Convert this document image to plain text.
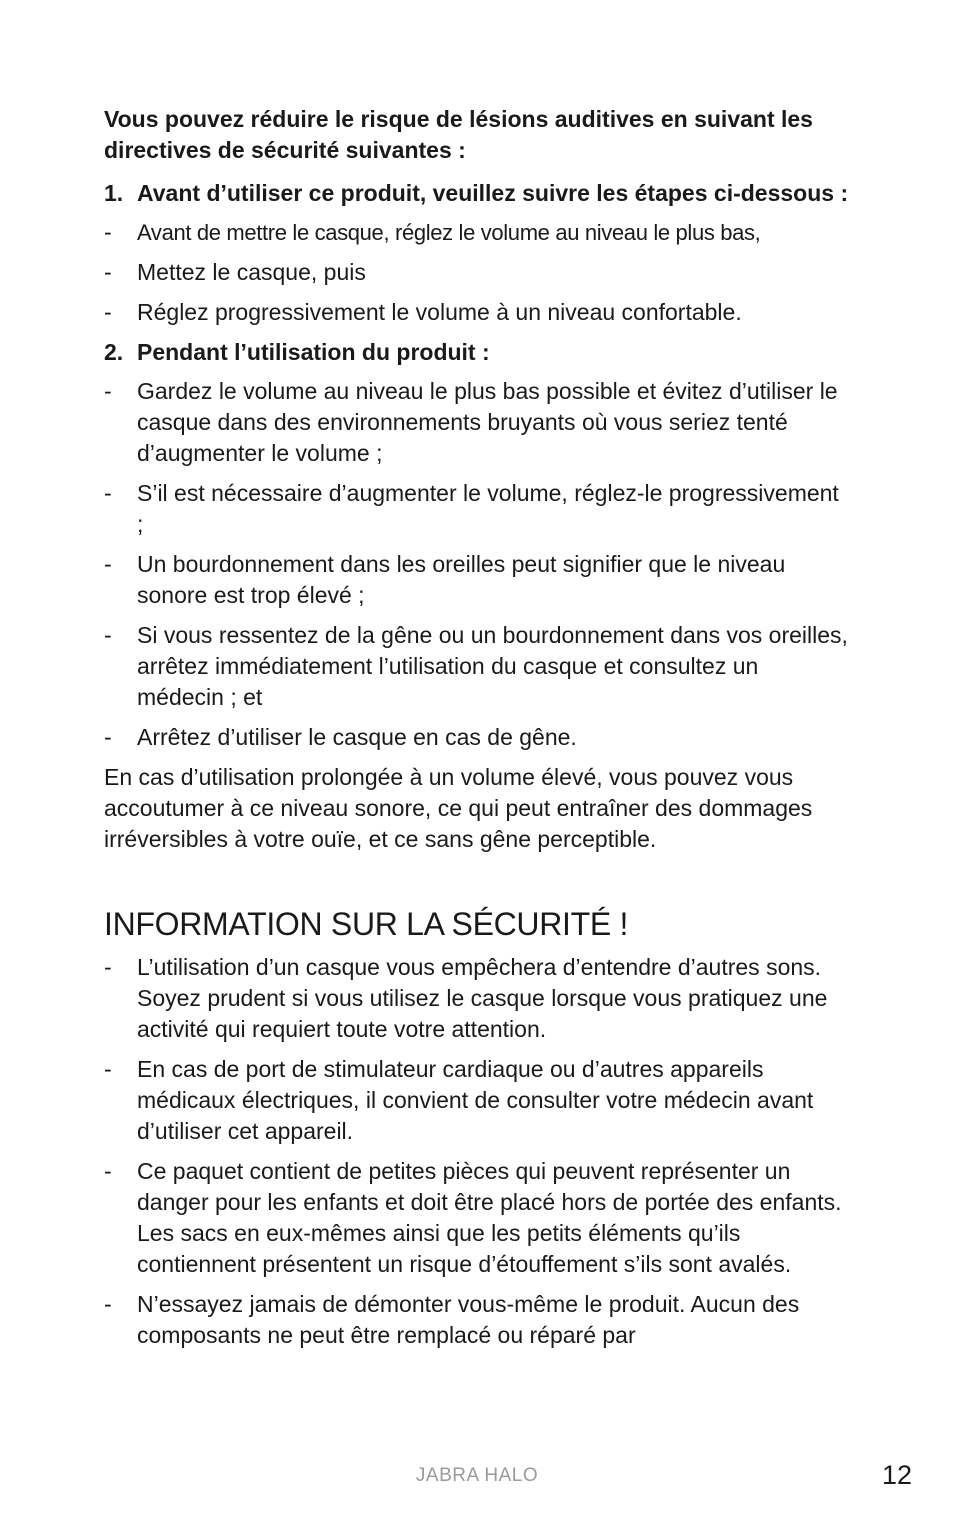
Vous pouvez réduire le risque de lésions auditives en suivant les directives de sécurité suivantes :

1. Avant d’utiliser ce produit, veuillez suivre les étapes ci-dessous :
-	Avant de mettre le casque, réglez le volume au niveau le plus bas,
-	Mettez le casque, puis
-	Réglez progressivement le volume à un niveau confortable.
2. Pendant l’utilisation du produit :
-	Gardez le volume au niveau le plus bas possible et évitez d’utiliser le casque dans des environnements bruyants où vous seriez tenté d’augmenter le volume ;
-	S’il est nécessaire d’augmenter le volume, réglez-le progressivement ;
-	Un bourdonnement dans les oreilles peut signifier que le niveau sonore est trop élevé ;
-	Si vous ressentez de la gêne ou un bourdonnement dans vos oreilles, arrêtez immédiatement l’utilisation du casque et consultez un médecin ; et
-	Arrêtez d’utiliser le casque en cas de gêne.

En cas d’utilisation prolongée à un volume élevé, vous pouvez vous accoutumer à ce niveau sonore, ce qui peut entraîner des dommages irréversibles à votre ouïe, et ce sans gêne perceptible.

INFORMATION SUR LA SÉCURITÉ !
-	L’utilisation d’un casque vous empêchera d’entendre d’autres sons. Soyez prudent si vous utilisez le casque lorsque vous pratiquez une activité qui requiert toute votre attention.
-	En cas de port de stimulateur cardiaque ou d’autres appareils médicaux électriques, il convient de consulter votre médecin avant d’utiliser cet appareil.
-	Ce paquet contient de petites pièces qui peuvent représenter un danger pour les enfants et doit être placé hors de portée des enfants. Les sacs en eux-mêmes ainsi que les petits éléments qu’ils contiennent présentent un risque d’étouffement s’ils sont avalés.
-	N’essayez jamais de démonter vous-même le produit. Aucun des composants ne peut être remplacé ou réparé par
JABRA HALO	12
